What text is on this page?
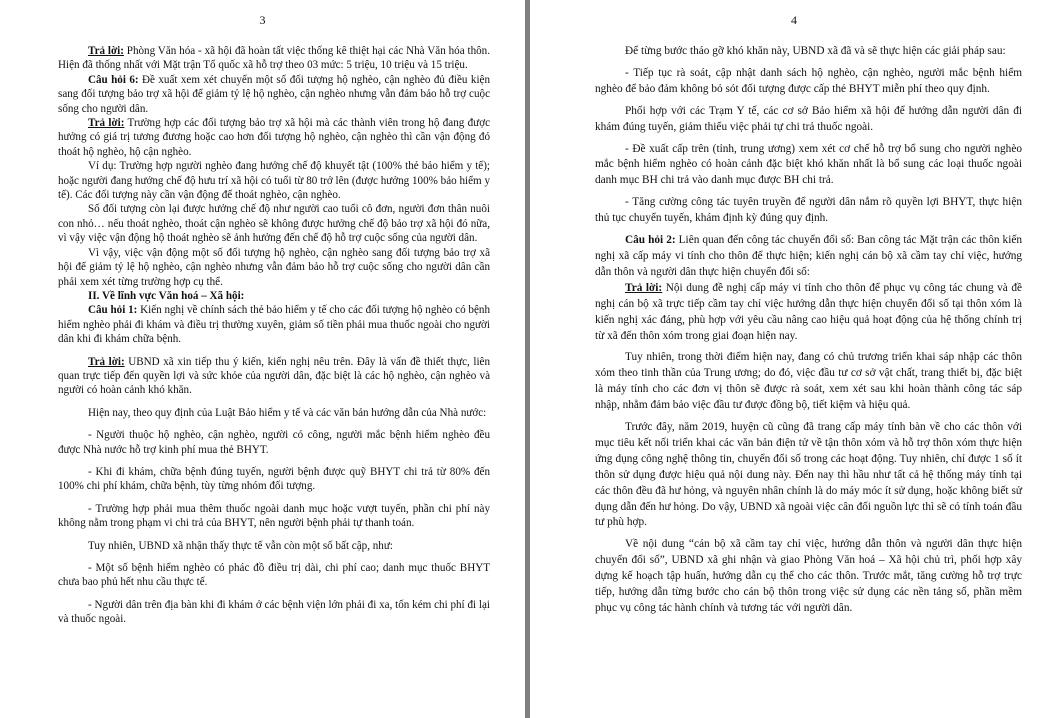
3

Trả lời: Phòng Văn hóa - xã hội đã hoàn tất việc thống kê thiệt hại các Nhà Văn hóa thôn. Hiện đã thống nhất với Mặt trận Tổ quốc xã hỗ trợ theo 03 mức: 5 triệu, 10 triệu và 15 triệu.

Câu hỏi 6: Đề xuất xem xét chuyển một số đối tượng hộ nghèo, cận nghèo đủ điều kiện sang đối tượng bảo trợ xã hội để giảm tỷ lệ hộ nghèo, cận nghèo nhưng vẫn đảm bảo hỗ trợ cuộc sống cho người dân.

Trả lời: Trường hợp các đối tượng bảo trợ xã hội mà các thành viên trong hộ đang được hưởng có giá trị tương đương hoặc cao hơn đối tượng hộ nghèo, cận nghèo thì cần vận động đó thoát hộ nghèo, hộ cận nghèo.

Ví dụ: Trường hợp người nghèo đang hưởng chế độ khuyết tật (100% thẻ bảo hiểm y tế); hoặc người đang hưởng chế độ hưu trí xã hội có tuổi từ 80 trở lên (được hưởng 100% bảo hiểm y tế). Các đối tượng này cần vận động để thoát nghèo, cận nghèo.

Số đối tượng còn lại được hưởng chế độ như người cao tuổi cô đơn, người đơn thân nuôi con nhỏ… nếu thoát nghèo, thoát cận nghèo sẽ không được hưởng chế độ bảo trợ xã hội đó nữa, vì vậy việc vận động hộ thoát nghèo sẽ ảnh hưởng đến chế độ hỗ trợ cuộc sống của người dân.

Vì vậy, việc vận động một số đối tượng hộ nghèo, cận nghèo sang đối tượng bảo trợ xã hội để giảm tỷ lệ hộ nghèo, cận nghèo nhưng vẫn đảm bảo hỗ trợ cuộc sống cho người dân cần phải xem xét từng trường hợp cụ thể.

II. Về lĩnh vực Văn hoá – Xã hội:

Câu hỏi 1: Kiến nghị về chính sách thẻ bảo hiểm y tế cho các đối tượng hộ nghèo có bệnh hiểm nghèo phải đi khám và điều trị thường xuyên, giảm số tiền phải mua thuốc ngoài cho người dân khi đi khám chữa bệnh.

Trả lời: UBND xã xin tiếp thu ý kiến, kiến nghị nêu trên. Đây là vấn đề thiết thực, liên quan trực tiếp đến quyền lợi và sức khỏe của người dân, đặc biệt là các hộ nghèo, cận nghèo và người có hoàn cảnh khó khăn.

Hiện nay, theo quy định của Luật Bảo hiểm y tế và các văn bản hướng dẫn của Nhà nước:

- Người thuộc hộ nghèo, cận nghèo, người có công, người mắc bệnh hiểm nghèo đều được Nhà nước hỗ trợ kinh phí mua thẻ BHYT.

- Khi đi khám, chữa bệnh đúng tuyến, người bệnh được quỹ BHYT chi trả từ 80% đến 100% chi phí khám, chữa bệnh, tùy từng nhóm đối tượng.

- Trường hợp phải mua thêm thuốc ngoài danh mục hoặc vượt tuyến, phần chi phí này không nằm trong phạm vi chi trả của BHYT, nên người bệnh phải tự thanh toán.

Tuy nhiên, UBND xã nhận thấy thực tế vẫn còn một số bất cập, như:

- Một số bệnh hiểm nghèo có phác đồ điều trị dài, chi phí cao; danh mục thuốc BHYT chưa bao phủ hết nhu cầu thực tế.

- Người dân trên địa bàn khi đi khám ở các bệnh viện lớn phải đi xa, tốn kém chi phí đi lại và thuốc ngoài.

4

Để từng bước tháo gỡ khó khăn này, UBND xã đã và sẽ thực hiện các giải pháp sau:

- Tiếp tục rà soát, cập nhật danh sách hộ nghèo, cận nghèo, người mắc bệnh hiểm nghèo để bảo đảm không bỏ sót đối tượng được cấp thẻ BHYT miễn phí theo quy định.

Phối hợp với các Trạm Y tế, các cơ sở Bảo hiểm xã hội để hướng dẫn người dân đi khám đúng tuyến, giảm thiểu việc phải tự chi trả thuốc ngoài.

- Đề xuất cấp trên (tỉnh, trung ương) xem xét cơ chế hỗ trợ bổ sung cho người nghèo mắc bệnh hiểm nghèo có hoàn cảnh đặc biệt khó khăn nhất là bổ sung các loại thuốc ngoài danh mục BH chi trả vào danh mục được BH chi trả.

- Tăng cường công tác tuyên truyền để người dân nắm rõ quyền lợi BHYT, thực hiện thủ tục chuyển tuyến, khám định kỳ đúng quy định.

Câu hỏi 2: Liên quan đến công tác chuyển đổi số: Ban công tác Mặt trận các thôn kiến nghị xã cấp máy vi tính cho thôn để thực hiện; kiến nghị cán bộ xã cầm tay chỉ việc, hướng dẫn thôn và người dân thực hiện chuyển đổi số:

Trả lời: Nội dung đề nghị cấp máy vi tính cho thôn để phục vụ công tác chung và đề nghị cán bộ xã trực tiếp cầm tay chỉ việc hướng dẫn thực hiện chuyển đổi số tại thôn xóm là kiến nghị xác đáng, phù hợp với yêu cầu nâng cao hiệu quả hoạt động của hệ thống chính trị từ xã đến thôn xóm trong giai đoạn hiện nay.

Tuy nhiên, trong thời điểm hiện nay, đang có chủ trương triển khai sáp nhập các thôn xóm theo tinh thần của Trung ương; do đó, việc đầu tư cơ sở vật chất, trang thiết bị, đặc biệt là máy tính cho các đơn vị thôn sẽ được rà soát, xem xét sau khi hoàn thành công tác sáp nhập, nhằm đảm bảo việc đầu tư được đồng bộ, tiết kiệm và hiệu quả.

Trước đây, năm 2019, huyện cũ cũng đã trang cấp máy tính bàn về cho các thôn với mục tiêu kết nối triển khai các văn bản điện tử về tận thôn xóm và hỗ trợ thôn xóm thực hiện ứng dụng công nghệ thông tin, chuyển đổi số trong các hoạt động. Tuy nhiên, chỉ được 1 số ít thôn sử dụng được hiệu quả nội dung này. Đến nay thì hầu như tất cả hệ thống máy tính tại các thôn đều đã hư hỏng, và nguyên nhân chính là do máy móc ít sử dụng, hoặc không biết sử dụng dẫn đến hư hỏng. Do vậy, UBND xã ngoài việc cân đối nguồn lực thì sẽ có tính toán đầu tư phù hợp.

Về nội dung “cán bộ xã cầm tay chỉ việc, hướng dẫn thôn và người dân thực hiện chuyển đổi số”, UBND xã ghi nhận và giao Phòng Văn hoá – Xã hội chủ trì, phối hợp xây dựng kế hoạch tập huấn, hướng dẫn cụ thể cho các thôn. Trước mắt, tăng cường hỗ trợ trực tiếp, hướng dẫn từng bước cho cán bộ thôn trong việc sử dụng các nền tảng số, phần mềm phục vụ công tác hành chính và tương tác với người dân.
